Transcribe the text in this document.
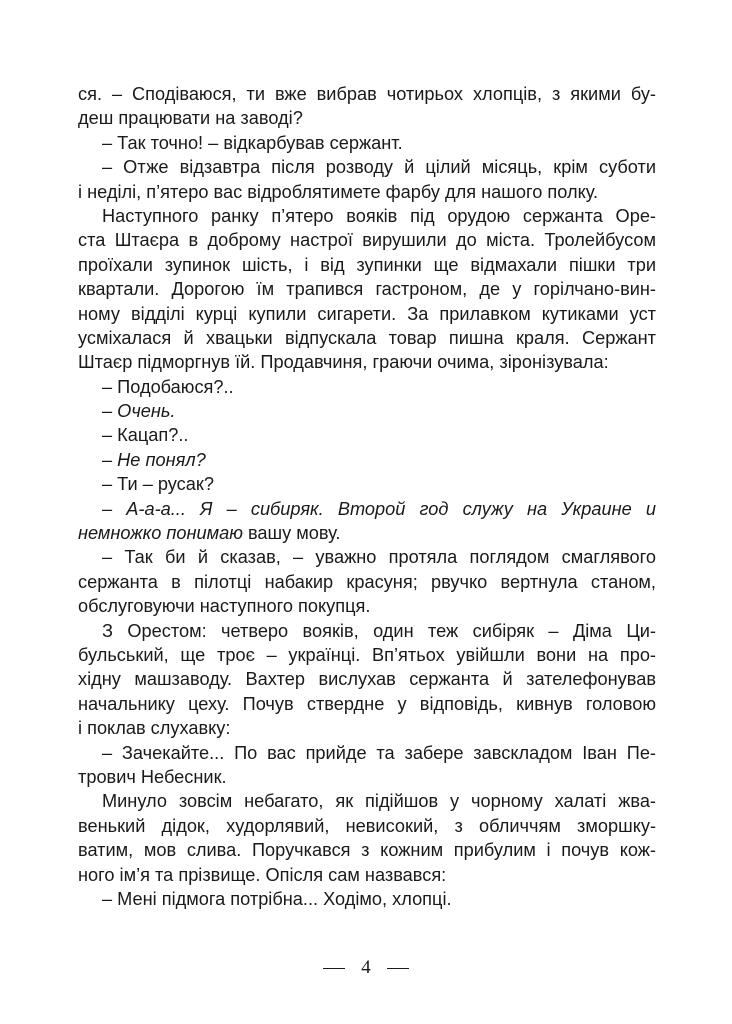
ся. – Сподіваюся, ти вже вибрав чотирьох хлопців, з якими бу-
деш працювати на заводі?
– Так точно! – відкарбував сержант.
– Отже відзавтра після розводу й цілий місяць, крім суботи
і неділі, п’ятеро вас відроблятимете фарбу для нашого полку.
Наступного ранку п’ятеро вояків під орудою сержанта Оре-
ста Штаєра в доброму настрої вирушили до міста. Тролейбусом
проїхали зупинок шість, і від зупинки ще відмахали пішки три
квартали. Дорогою їм трапився гастроном, де у горілчано-вин-
ному відділі курці купили сигарети. За прилавком кутиками уст
усміхалася й хвацьки відпускала товар пишна краля. Сержант
Штаєр підморгнув їй. Продавчиня, граючи очима, зіронізувала:
– Подобаюся?..
– Очень.
– Кацап?..
– Не понял?
– Ти – русак?
– А-а-а... Я – сибиряк. Второй год служу на Украине и
немножко понимаю вашу мову.
– Так би й сказав, – уважно протяла поглядом смаглявого
сержанта в пілотці набакир красуня; рвучко вертнула станом,
обслуговуючи наступного покупця.
З Орестом: четверо вояків, один теж сибіряк – Діма Ци-
бульський, ще троє – українці. Вп’ятьох увійшли вони на про-
хідну машзаводу. Вахтер вислухав сержанта й зателефонував
начальнику цеху. Почув ствердне у відповідь, кивнув головою
і поклав слухавку:
– Зачекайте... По вас прийде та забере завскладом Іван Пе-
трович Небесник.
Минуло зовсім небагато, як підійшов у чорному халаті жва-
венький дідок, худорлявий, невисокий, з обличчям зморшку-
ватим, мов слива. Поручкався з кожним прибулим і почув кож-
ного ім’я та прізвище. Опісля сам назвався:
– Мені підмога потрібна... Ходімо, хлопці.
4
